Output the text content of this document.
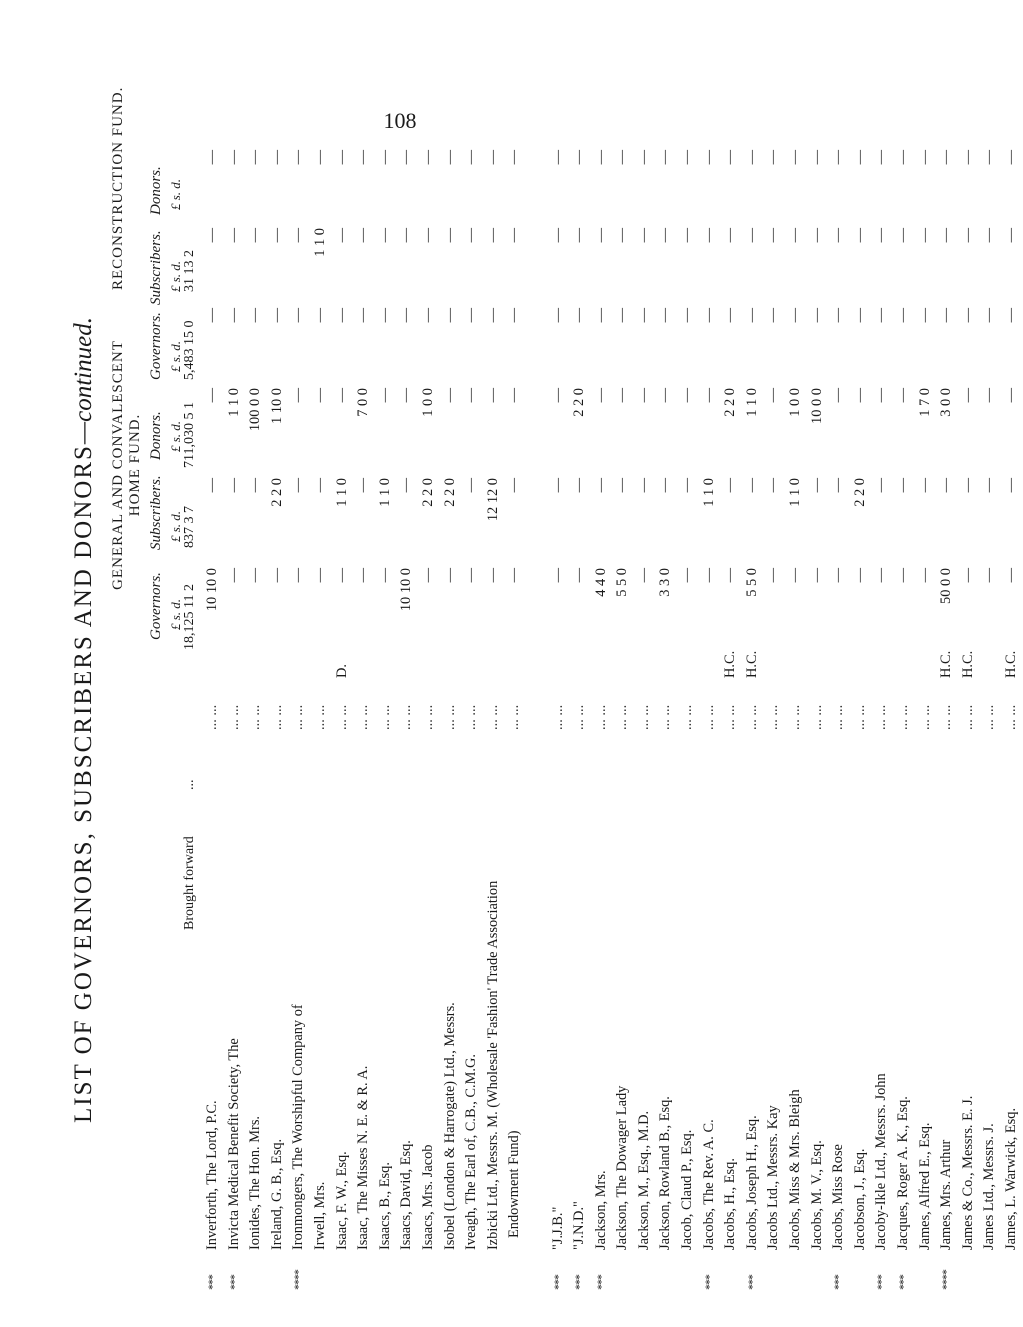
108
LIST OF GOVERNORS, SUBSCRIBERS AND DONORS—continued. GENERAL AND CONVALESCENT HOME FUND.
RECONSTRUCTION FUND.
Governors.
Subscribers.
Donors.
Governors.
Subscribers.
Donors.
£ s. d.
£ s. d.
£ s. d.
£ s. d.
£ s. d.
£ s. d.
Brought forward
...
18,125 11 2
837 3 7
711,030 5 1
5,483 15 0
31 13 2
***
Inverforth, The Lord, P.C.
... ...
10 10 0
—
—
—
—
—
***
Invicta Medical Benefit Society, The
... ...
—
—
1 1 0
—
—
—
Ionides, The Hon. Mrs.
... ...
—
—
100 0 0
—
—
—
Ireland, G. B., Esq.
... ...
—
2 2 0
1 10 0
—
—
—
****
Ironmongers, The Worshipful Company of
... ...
—
—
—
—
—
—
Irwell, Mrs.
... ...
—
—
—
—
1 1 0
—
Isaac, F. W., Esq.
... ...
D.
—
1 1 0
—
—
—
—
Isaac, The Misses N. E. & R. A.
... ...
—
—
7 0 0
—
—
—
Isaacs, B., Esq.
... ...
—
1 1 0
—
—
—
—
Isaacs, David, Esq.
... ...
10 10 0
—
—
—
—
—
Isaacs, Mrs. Jacob
... ...
—
2 2 0
1 0 0
—
—
—
Isobel (London & Harrogate) Ltd., Messrs.
... ...
—
2 2 0
—
—
—
—
Iveagh, The Earl of, C.B., C.M.G.
... ...
—
—
—
—
—
—
Izbicki Ltd., Messrs. M. (Wholesale 'Fashion' Trade Association
... ...
—
12 12 0
—
—
—
—
Endowment Fund)
... ...
—
—
—
—
—
—
***
"J.J.B."
... ...
—
—
—
—
—
—
***
"J.N.D."
... ...
—
—
2 2 0
—
—
—
***
Jackson, Mrs.
... ...
4 4 0
—
—
—
—
—
Jackson, The Dowager Lady
... ...
5 5 0
—
—
—
—
—
Jackson, M., Esq., M.D.
... ...
—
—
—
—
—
—
Jackson, Rowland B., Esq.
... ...
3 3 0
—
—
—
—
—
Jacob, Claud P., Esq.
... ...
—
—
—
—
—
—
***
Jacobs, The Rev. A. C.
... ...
—
1 1 0
—
—
—
—
Jacobs, H., Esq.
... ...
H.C.
—
—
2 2 0
—
—
—
***
Jacobs, Joseph H., Esq.
... ...
H.C.
5 5 0
—
1 1 0
—
—
—
Jacobs Ltd., Messrs. Kay
... ...
—
—
—
—
—
—
Jacobs, Miss & Mrs. Bleigh
... ...
—
1 1 0
1 0 0
—
—
—
Jacobs, M. V., Esq.
... ...
—
—
10 0 0
—
—
—
***
Jacobs, Miss Rose
... ...
—
—
—
—
—
—
Jacobson, J., Esq.
... ...
—
2 2 0
—
—
—
—
***
Jacoby-Ikle Ltd., Messrs. John
... ...
—
—
—
—
—
—
***
Jacques, Roger A. K., Esq.
... ...
—
—
—
—
—
—
James, Alfred E., Esq.
... ...
—
—
1 7 0
—
—
—
****
James, Mrs. Arthur
... ...
H.C.
50 0 0
—
3 0 0
—
—
—
James & Co., Messrs. E. J.
... ...
H.C.
—
—
—
—
—
—
James Ltd., Messrs. J.
... ...
—
—
—
—
—
—
James, L. Warwick, Esq.
... ...
H.C.
—
—
—
—
—
—
